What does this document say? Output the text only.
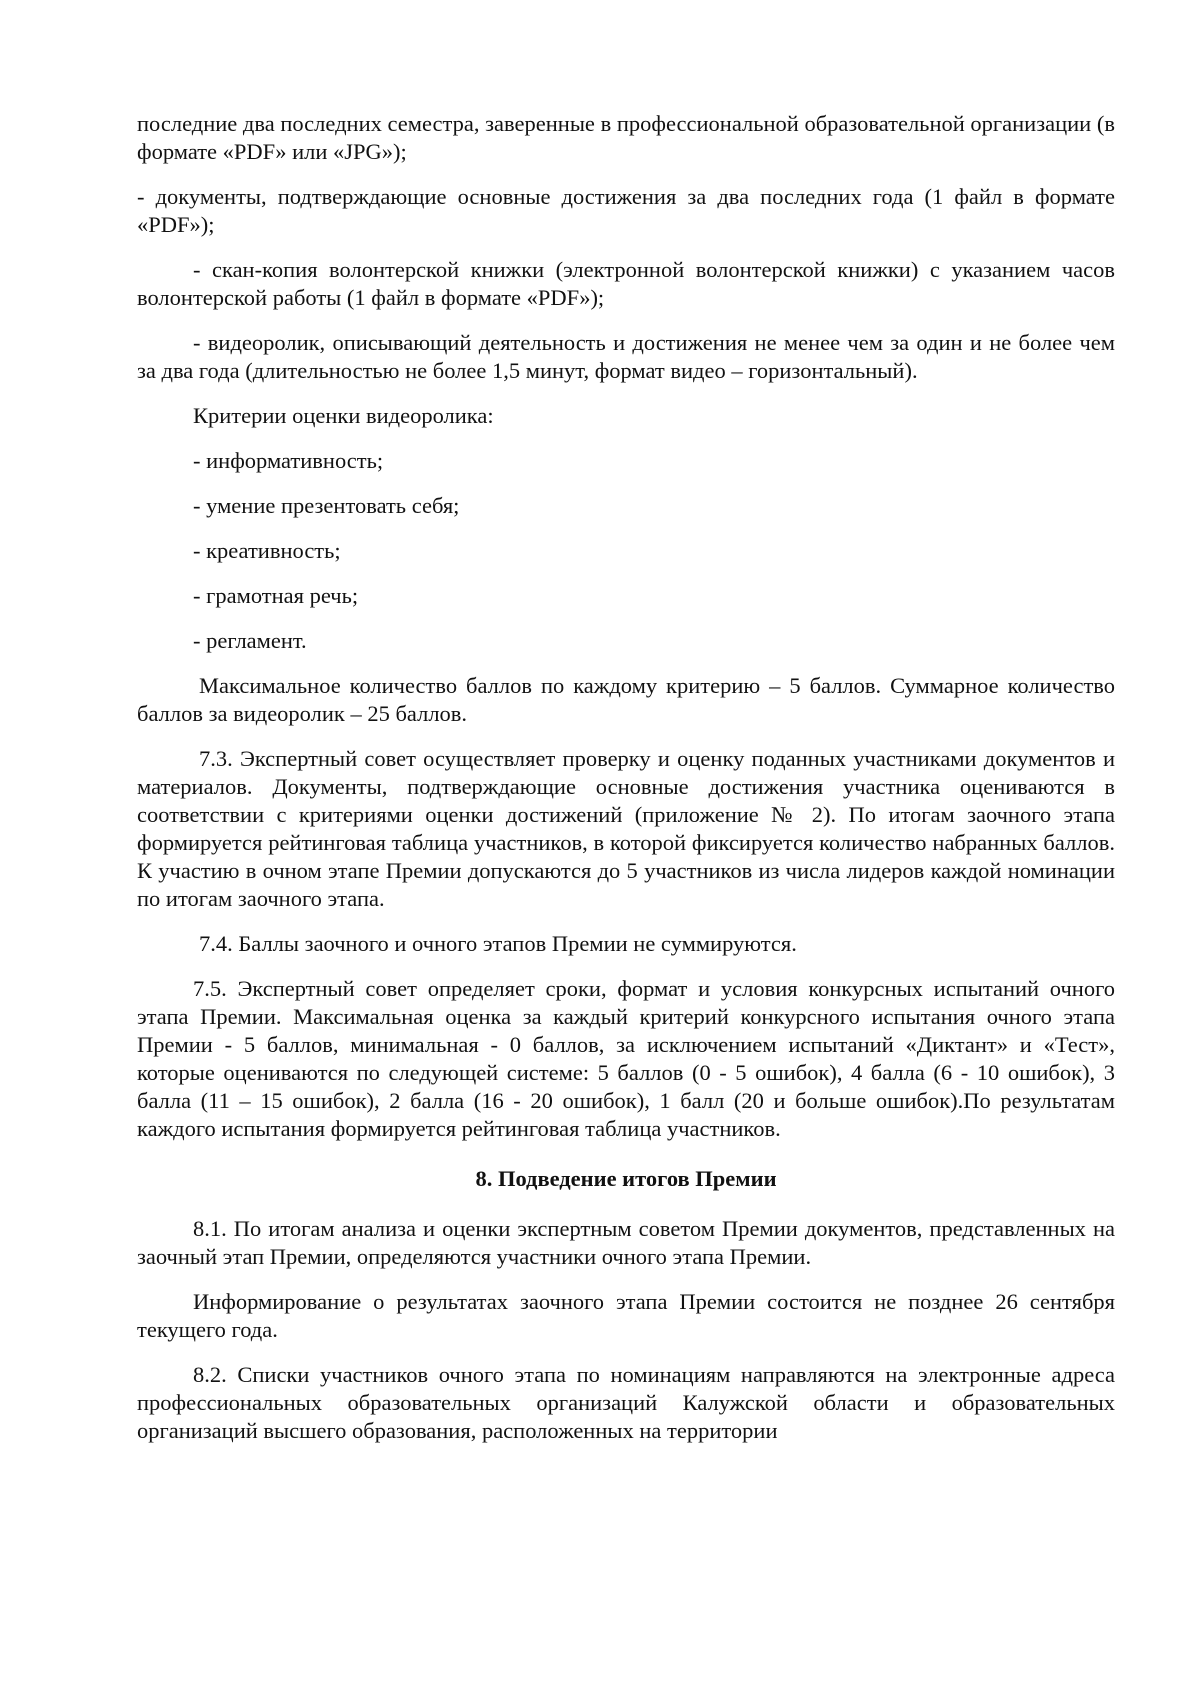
последние два последних семестра, заверенные в профессиональной образовательной организации (в формате «PDF» или «JPG»);

- документы, подтверждающие основные достижения за два последних года (1 файл в формате «PDF»);

- скан-копия волонтерской книжки (электронной волонтерской книжки) с указанием часов волонтерской работы (1 файл в формате «PDF»);

- видеоролик, описывающий деятельность и достижения не менее чем за один и не более чем за два года (длительностью не более 1,5 минут, формат видео – горизонтальный).

Критерии оценки видеоролика:

- информативность;

- умение презентовать себя;

- креативность;

- грамотная речь;

- регламент.

Максимальное количество баллов по каждому критерию – 5 баллов. Суммарное количество баллов за видеоролик – 25 баллов.

7.3. Экспертный совет осуществляет проверку и оценку поданных участниками документов и материалов. Документы, подтверждающие основные достижения участника оцениваются в соответствии с критериями оценки достижений (приложение № 2). По итогам заочного этапа формируется рейтинговая таблица участников, в которой фиксируется количество набранных баллов. К участию в очном этапе Премии допускаются до 5 участников из числа лидеров каждой номинации по итогам заочного этапа.

7.4. Баллы заочного и очного этапов Премии не суммируются.

7.5. Экспертный совет определяет сроки, формат и условия конкурсных испытаний очного этапа Премии. Максимальная оценка за каждый критерий конкурсного испытания очного этапа Премии - 5 баллов, минимальная - 0 баллов, за исключением испытаний «Диктант» и «Тест», которые оцениваются по следующей системе: 5 баллов (0 - 5 ошибок), 4 балла (6 - 10 ошибок), 3 балла (11 – 15 ошибок), 2 балла (16 - 20 ошибок), 1 балл (20 и больше ошибок).По результатам каждого испытания формируется рейтинговая таблица участников.

8. Подведение итогов Премии

8.1. По итогам анализа и оценки экспертным советом Премии документов, представленных на заочный этап Премии, определяются участники очного этапа Премии.

Информирование о результатах заочного этапа Премии состоится не позднее 26 сентября текущего года.

8.2. Списки участников очного этапа по номинациям направляются на электронные адреса профессиональных образовательных организаций Калужской области и образовательных организаций высшего образования, расположенных на территории
